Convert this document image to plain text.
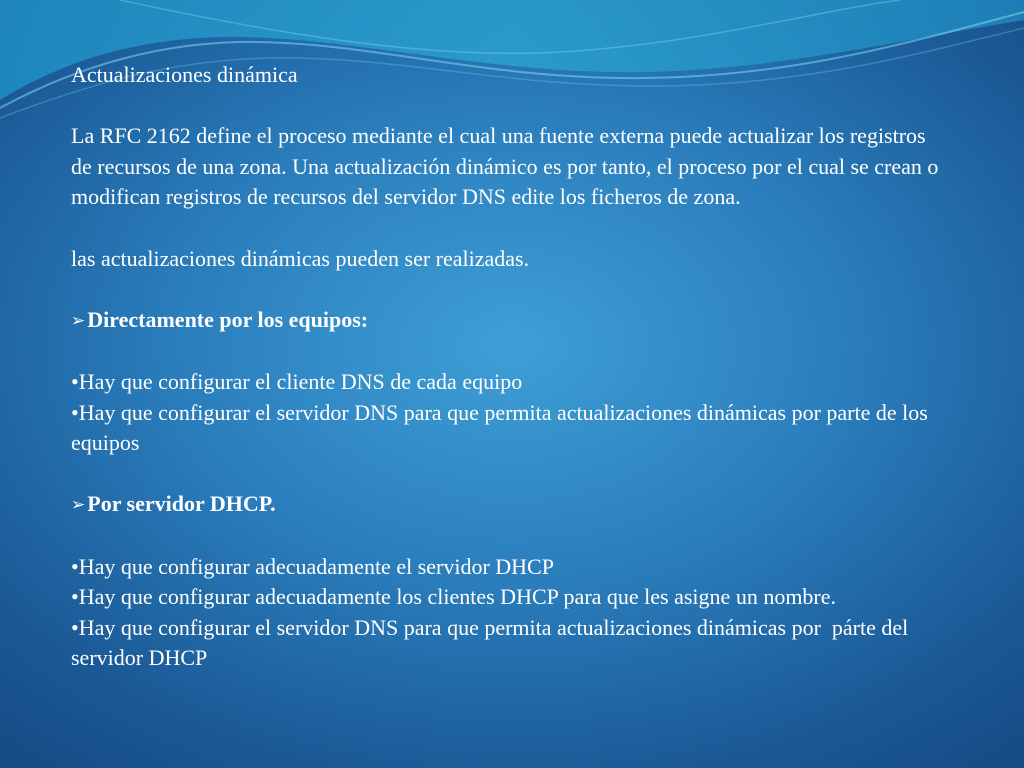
Actualizaciones dinámica

La RFC 2162 define el proceso mediante el cual una fuente externa puede actualizar los registros de recursos de una zona. Una actualización dinámico es por tanto, el proceso por el cual se crean o modifican registros de recursos del servidor DNS edite los ficheros de zona.

las actualizaciones dinámicas pueden ser realizadas.

➢Directamente por los equipos:

•Hay que configurar el cliente DNS de cada equipo

•Hay que configurar el servidor DNS para que permita actualizaciones dinámicas por parte de los equipos

➢Por servidor DHCP.

•Hay que configurar adecuadamente el servidor DHCP

•Hay que configurar adecuadamente los clientes DHCP para que les asigne un nombre.

•Hay que configurar el servidor DNS para que permita actualizaciones dinámicas por  párte del servidor DHCP
